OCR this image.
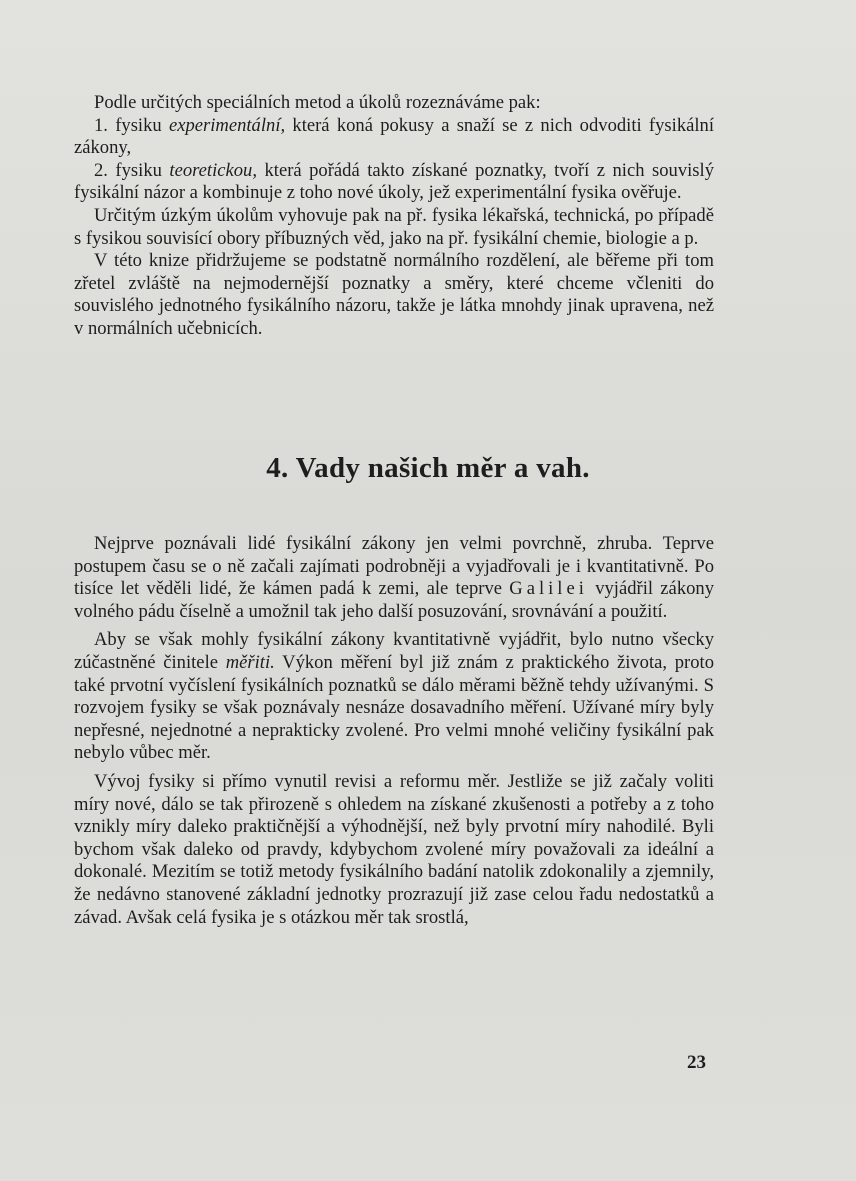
Podle určitých speciálních metod a úkolů rozeznáváme pak:

1. fysiku experimentální, která koná pokusy a snaží se z nich odvoditi fysikální zákony,

2. fysiku teoretickou, která pořádá takto získané poznatky, tvoří z nich souvislý fysikální názor a kombinuje z toho nové úkoly, jež experimentální fysika ověřuje.

Určitým úzkým úkolům vyhovuje pak na př. fysika lékařská, technická, po případě s fysikou souvisící obory příbuzných věd, jako na př. fysikální chemie, biologie a p.

V této knize přidržujeme se podstatně normálního rozdělení, ale běřeme při tom zřetel zvláště na nejmodernější poznatky a směry, které chceme včleniti do souvislého jednotného fysikálního názoru, takže je látka mnohdy jinak upravena, než v normálních učebnicích.

4. Vady našich měr a vah.

Nejprve poznávali lidé fysikální zákony jen velmi povrchně, zhruba. Teprve postupem času se o ně začali zajímati podrobněji a vyjadřovali je i kvantitativně. Po tisíce let věděli lidé, že kámen padá k zemi, ale teprve Galilei vyjádřil zákony volného pádu číselně a umožnil tak jeho další posuzování, srovnávání a použití.

Aby se však mohly fysikální zákony kvantitativně vyjádřit, bylo nutno všecky zúčastněné činitele měřiti. Výkon měření byl již znám z praktického života, proto také prvotní vyčíslení fysikálních poznatků se dálo měrami běžně tehdy užívanými. S rozvojem fysiky se však poznávaly nesnáze dosavadního měření. Užívané míry byly nepřesné, nejednotné a neprakticky zvolené. Pro velmi mnohé veličiny fysikální pak nebylo vůbec měr.

Vývoj fysiky si přímo vynutil revisi a reformu měr. Jestliže se již začaly voliti míry nové, dálo se tak přirozeně s ohledem na získané zkušenosti a potřeby a z toho vznikly míry daleko praktičnější a výhodnější, než byly prvotní míry nahodilé. Byli bychom však daleko od pravdy, kdybychom zvolené míry považovali za ideální a dokonalé. Mezitím se totiž metody fysikálního badání natolik zdokonalily a zjemnily, že nedávno stanovené základní jednotky prozrazují již zase celou řadu nedostatků a závad. Avšak celá fysika je s otázkou měr tak srostlá,

23
